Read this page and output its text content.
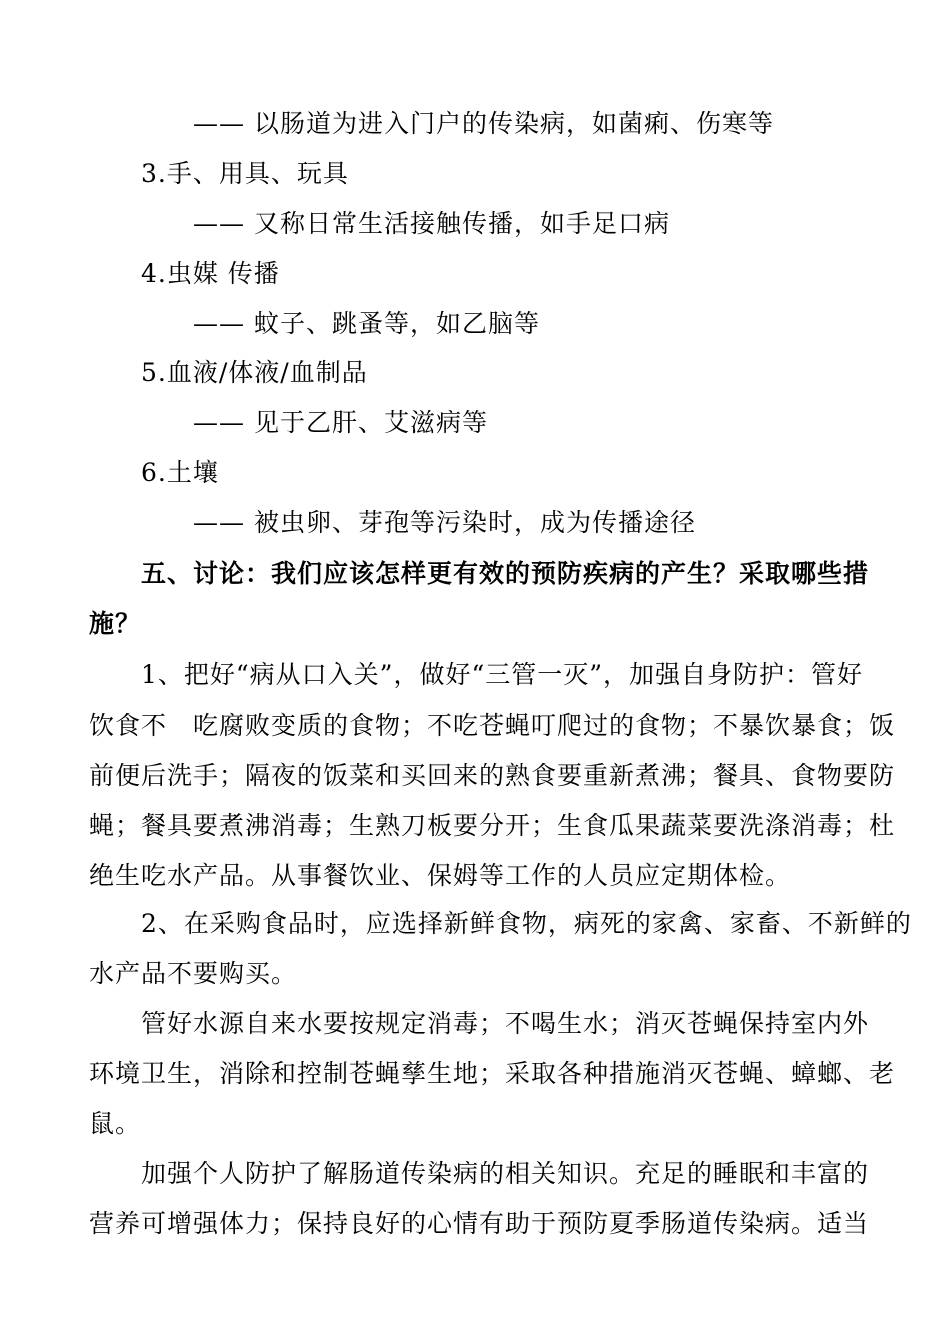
—— 以肠道为进入门户的传染病，如菌痢、伤寒等
3.手、用具、玩具
—— 又称日常生活接触传播，如手足口病
4.虫媒 传播
—— 蚊子、跳蚤等，如乙脑等
5.血液/体液/血制品
—— 见于乙肝、艾滋病等
6.土壤
—— 被虫卵、芽孢等污染时，成为传播途径
五、讨论：我们应该怎样更有效的预防疾病的产生？采取哪些措
施？
1、把好“病从口入关”，做好“三管一灭”，加强自身防护：管好
饮食不　吃腐败变质的食物；不吃苍蝇叮爬过的食物；不暴饮暴食；饭
前便后洗手；隔夜的饭菜和买回来的熟食要重新煮沸；餐具、食物要防
蝇；餐具要煮沸消毒；生熟刀板要分开；生食瓜果蔬菜要洗涤消毒；杜
绝生吃水产品。从事餐饮业、保姆等工作的人员应定期体检。
2、在采购食品时，应选择新鲜食物，病死的家禽、家畜、不新鲜的
水产品不要购买。
管好水源自来水要按规定消毒；不喝生水；消灭苍蝇保持室内外
环境卫生，消除和控制苍蝇孳生地；采取各种措施消灭苍蝇、蟑螂、老
鼠。
加强个人防护了解肠道传染病的相关知识。充足的睡眠和丰富的
营养可增强体力；保持良好的心情有助于预防夏季肠道传染病。适当
